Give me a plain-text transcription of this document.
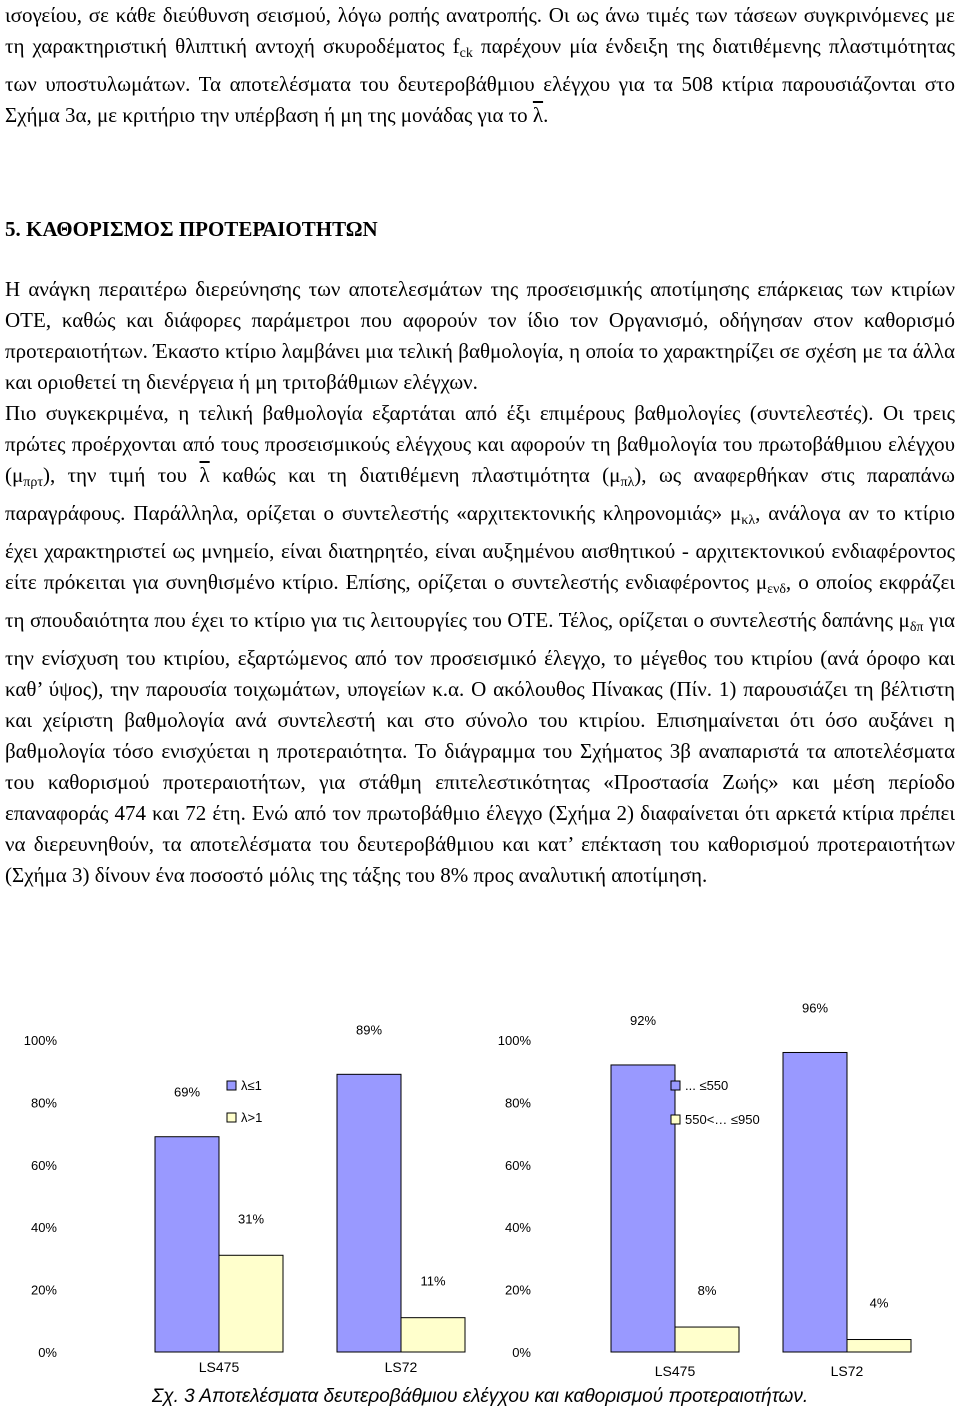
ισογείου, σε κάθε διεύθυνση σεισμού, λόγω ροπής ανατροπής. Οι ως άνω τιμές των τάσεων συγκρινόμενες με τη χαρακτηριστική θλιπτική αντοχή σκυροδέματος $f_{ck}$ παρέχουν μία ένδειξη της διατιθέμενης πλαστιμότητας των υποστυλωμάτων. Τα αποτελέσματα του δευτεροβάθμιου ελέγχου για τα 508 κτίρια παρουσιάζονται στο Σχήμα 3α, με κριτήριο την υπέρβαση ή μη της μονάδας για το $\overline{\lambda}$.

5. ΚΑΘΟΡΙΣΜΟΣ ΠΡΟΤΕΡΑΙΟΤΗΤΩΝ

Η ανάγκη περαιτέρω διερεύνησης των αποτελεσμάτων της προσεισμικής αποτίμησης επάρκειας των κτιρίων ΟΤΕ, καθώς και διάφορες παράμετροι που αφορούν τον ίδιο τον Οργανισμό, οδήγησαν στον καθορισμό προτεραιοτήτων. Έκαστο κτίριο λαμβάνει μια τελική βαθμολογία, η οποία το χαρακτηρίζει σε σχέση με τα άλλα και οριοθετεί τη διενέργεια ή μη τριτοβάθμιων ελέγχων.

Πιο συγκεκριμένα, η τελική βαθμολογία εξαρτάται από έξι επιμέρους βαθμολογίες (συντελεστές). Οι τρεις πρώτες προέρχονται από τους προσεισμικούς ελέγχους και αφορούν τη βαθμολογία του πρωτοβάθμιου ελέγχου $(\mu_{\pi\rho\tau})$, την τιμή του $\overline{\lambda}$ καθώς και τη διατιθέμενη πλαστιμότητα $(\mu_{\pi\lambda})$, ως αναφερθήκαν στις παραπάνω παραγράφους. Παράλληλα, ορίζεται ο συντελεστής «αρχιτεκτονικής κληρονομιάς» $\mu_{\kappa\lambda}$, ανάλογα αν το κτίριο έχει χαρακτηριστεί ως μνημείο, είναι διατηρητέο, είναι αυξημένου αισθητικού - αρχιτεκτονικού ενδιαφέροντος είτε πρόκειται για συνηθισμένο κτίριο. Επίσης, ορίζεται ο συντελεστής ενδιαφέροντος $\mu_{\varepsilon\nu\delta}$, ο οποίος εκφράζει τη σπουδαιότητα που έχει το κτίριο για τις λειτουργίες του ΟΤΕ. Τέλος, ορίζεται ο συντελεστής δαπάνης $\mu_{\delta\pi}$ για την ενίσχυση του κτιρίου, εξαρτώμενος από τον προσεισμικό έλεγχο, το μέγεθος του κτιρίου (ανά όροφο και καθ’ ύψος), την παρουσία τοιχωμάτων, υπογείων κ.α. Ο ακόλουθος Πίνακας (Πίν. 1) παρουσιάζει τη βέλτιστη και χείριστη βαθμολογία ανά συντελεστή και στο σύνολο του κτιρίου. Επισημαίνεται ότι όσο αυξάνει η βαθμολογία τόσο ενισχύεται η προτεραιότητα. Το διάγραμμα του Σχήματος 3β αναπαριστά τα αποτελέσματα του καθορισμού προτεραιοτήτων, για στάθμη επιτελεστικότητας «Προστασία Ζωής» και μέση περίοδο επαναφοράς 474 και 72 έτη. Ενώ από τον πρωτοβάθμιο έλεγχο (Σχήμα 2) διαφαίνεται ότι αρκετά κτίρια πρέπει να διερευνηθούν, τα αποτελέσματα του δευτεροβάθμιου και κατ’ επέκταση του καθορισμού προτεραιοτήτων (Σχήμα 3) δίνουν ένα ποσοστό μόλις της τάξης του 8% προς αναλυτική αποτίμηση.

0%
20%
40%
60%
80%
100%
69%
31%
LS475
89%
11%
LS72
λ≤1
λ>1
0%
20%
40%
60%
80%
100%
92%
8%
LS475
96%
4%
LS72
... ≤550
550<… ≤950
Σχ. 3 Αποτελέσματα δευτεροβάθμιου ελέγχου και καθορισμού προτεραιοτήτων.
